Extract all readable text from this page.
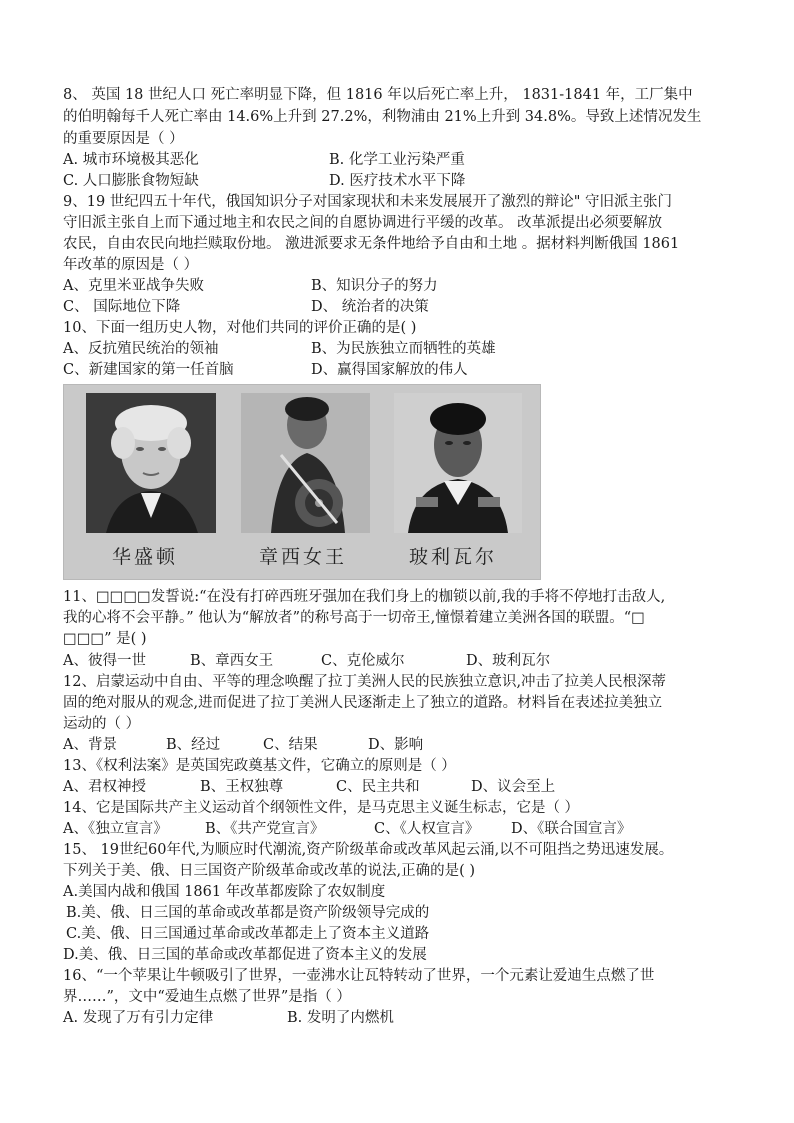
8、 英国 18 世纪人口 死亡率明显下降，但 1816 年以后死亡率上升， 1831-1841 年，工厂集中
的伯明翰每千人死亡率由 14.6%上升到 27.2%，利物浦由 21%上升到 34.8%。导致上述情况发生
的重要原因是（ ）
A. 城市环境极其恶化	B. 化学工业污染严重
C. 人口膨胀食物短缺	D. 医疗技术水平下降
9、19 世纪四五十年代，俄国知识分子对国家现状和未来发展展开了激烈的辩论" 守旧派主张门
守旧派主张自上而下通过地主和农民之间的自愿协调进行平缓的改革。 改革派提出必须要解放
农民，自由农民向地拦赎取份地。 激进派要求无条件地给予自由和土地 。据材料判断俄国 1861
年改革的原因是（ ）
A、克里米亚战争失败	B、知识分子的努力
C、 国际地位下降	D、 统治者的决策
10、下面一组历史人物，对他们共同的评价正确的是( )
A、反抗殖民统治的领袖	B、为民族独立而牺牲的英雄
C、新建国家的第一任首脑	D、赢得国家解放的伟人
华盛顿	章西女王	玻利瓦尔
11、□□□□发誓说:“在没有打碎西班牙强加在我们身上的枷锁以前,我的手将不停地打击敌人,
我的心将不会平静。” 他认为“解放者”的称号高于一切帝王,憧憬着建立美洲各国的联盟。“□
□□□” 是( )
A、彼得一世	B、章西女王	C、克伦威尔	D、玻利瓦尔
12、启蒙运动中自由、平等的理念唤醒了拉丁美洲人民的民族独立意识,冲击了拉美人民根深蒂
固的绝对服从的观念,进而促进了拉丁美洲人民逐渐走上了独立的道路。材料旨在表述拉美独立
运动的（ ）
A、背景	B、经过	C、结果	D、影响
13、《权利法案》是英国宪政奠基文件，它确立的原则是（ ）
A、君权神授	B、王权独尊	C、民主共和	D、议会至上
14、它是国际共产主义运动首个纲领性文件，是马克思主义诞生标志，它是（ ）
A、《独立宣言》	B、《共产党宣言》	C、《人权宣言》 D、《联合国宣言》
15、 19世纪60年代,为顺应时代潮流,资产阶级革命或改革风起云涌,以不可阻挡之势迅速发展。
下列关于美、俄、日三国资产阶级革命或改革的说法,正确的是( )
A.美国内战和俄国 1861 年改革都废除了农奴制度
B.美、俄、日三国的革命或改革都是资产阶级领导完成的
C.美、俄、日三国通过革命或改革都走上了资本主义道路
D.美、俄、日三国的革命或改革都促进了资本主义的发展
16、“一个苹果让牛顿吸引了世界，一壶沸水让瓦特转动了世界，一个元素让爱迪生点燃了世
界……”，文中“爱迪生点燃了世界”是指（ ）
A. 发现了万有引力定律	B. 发明了内燃机
